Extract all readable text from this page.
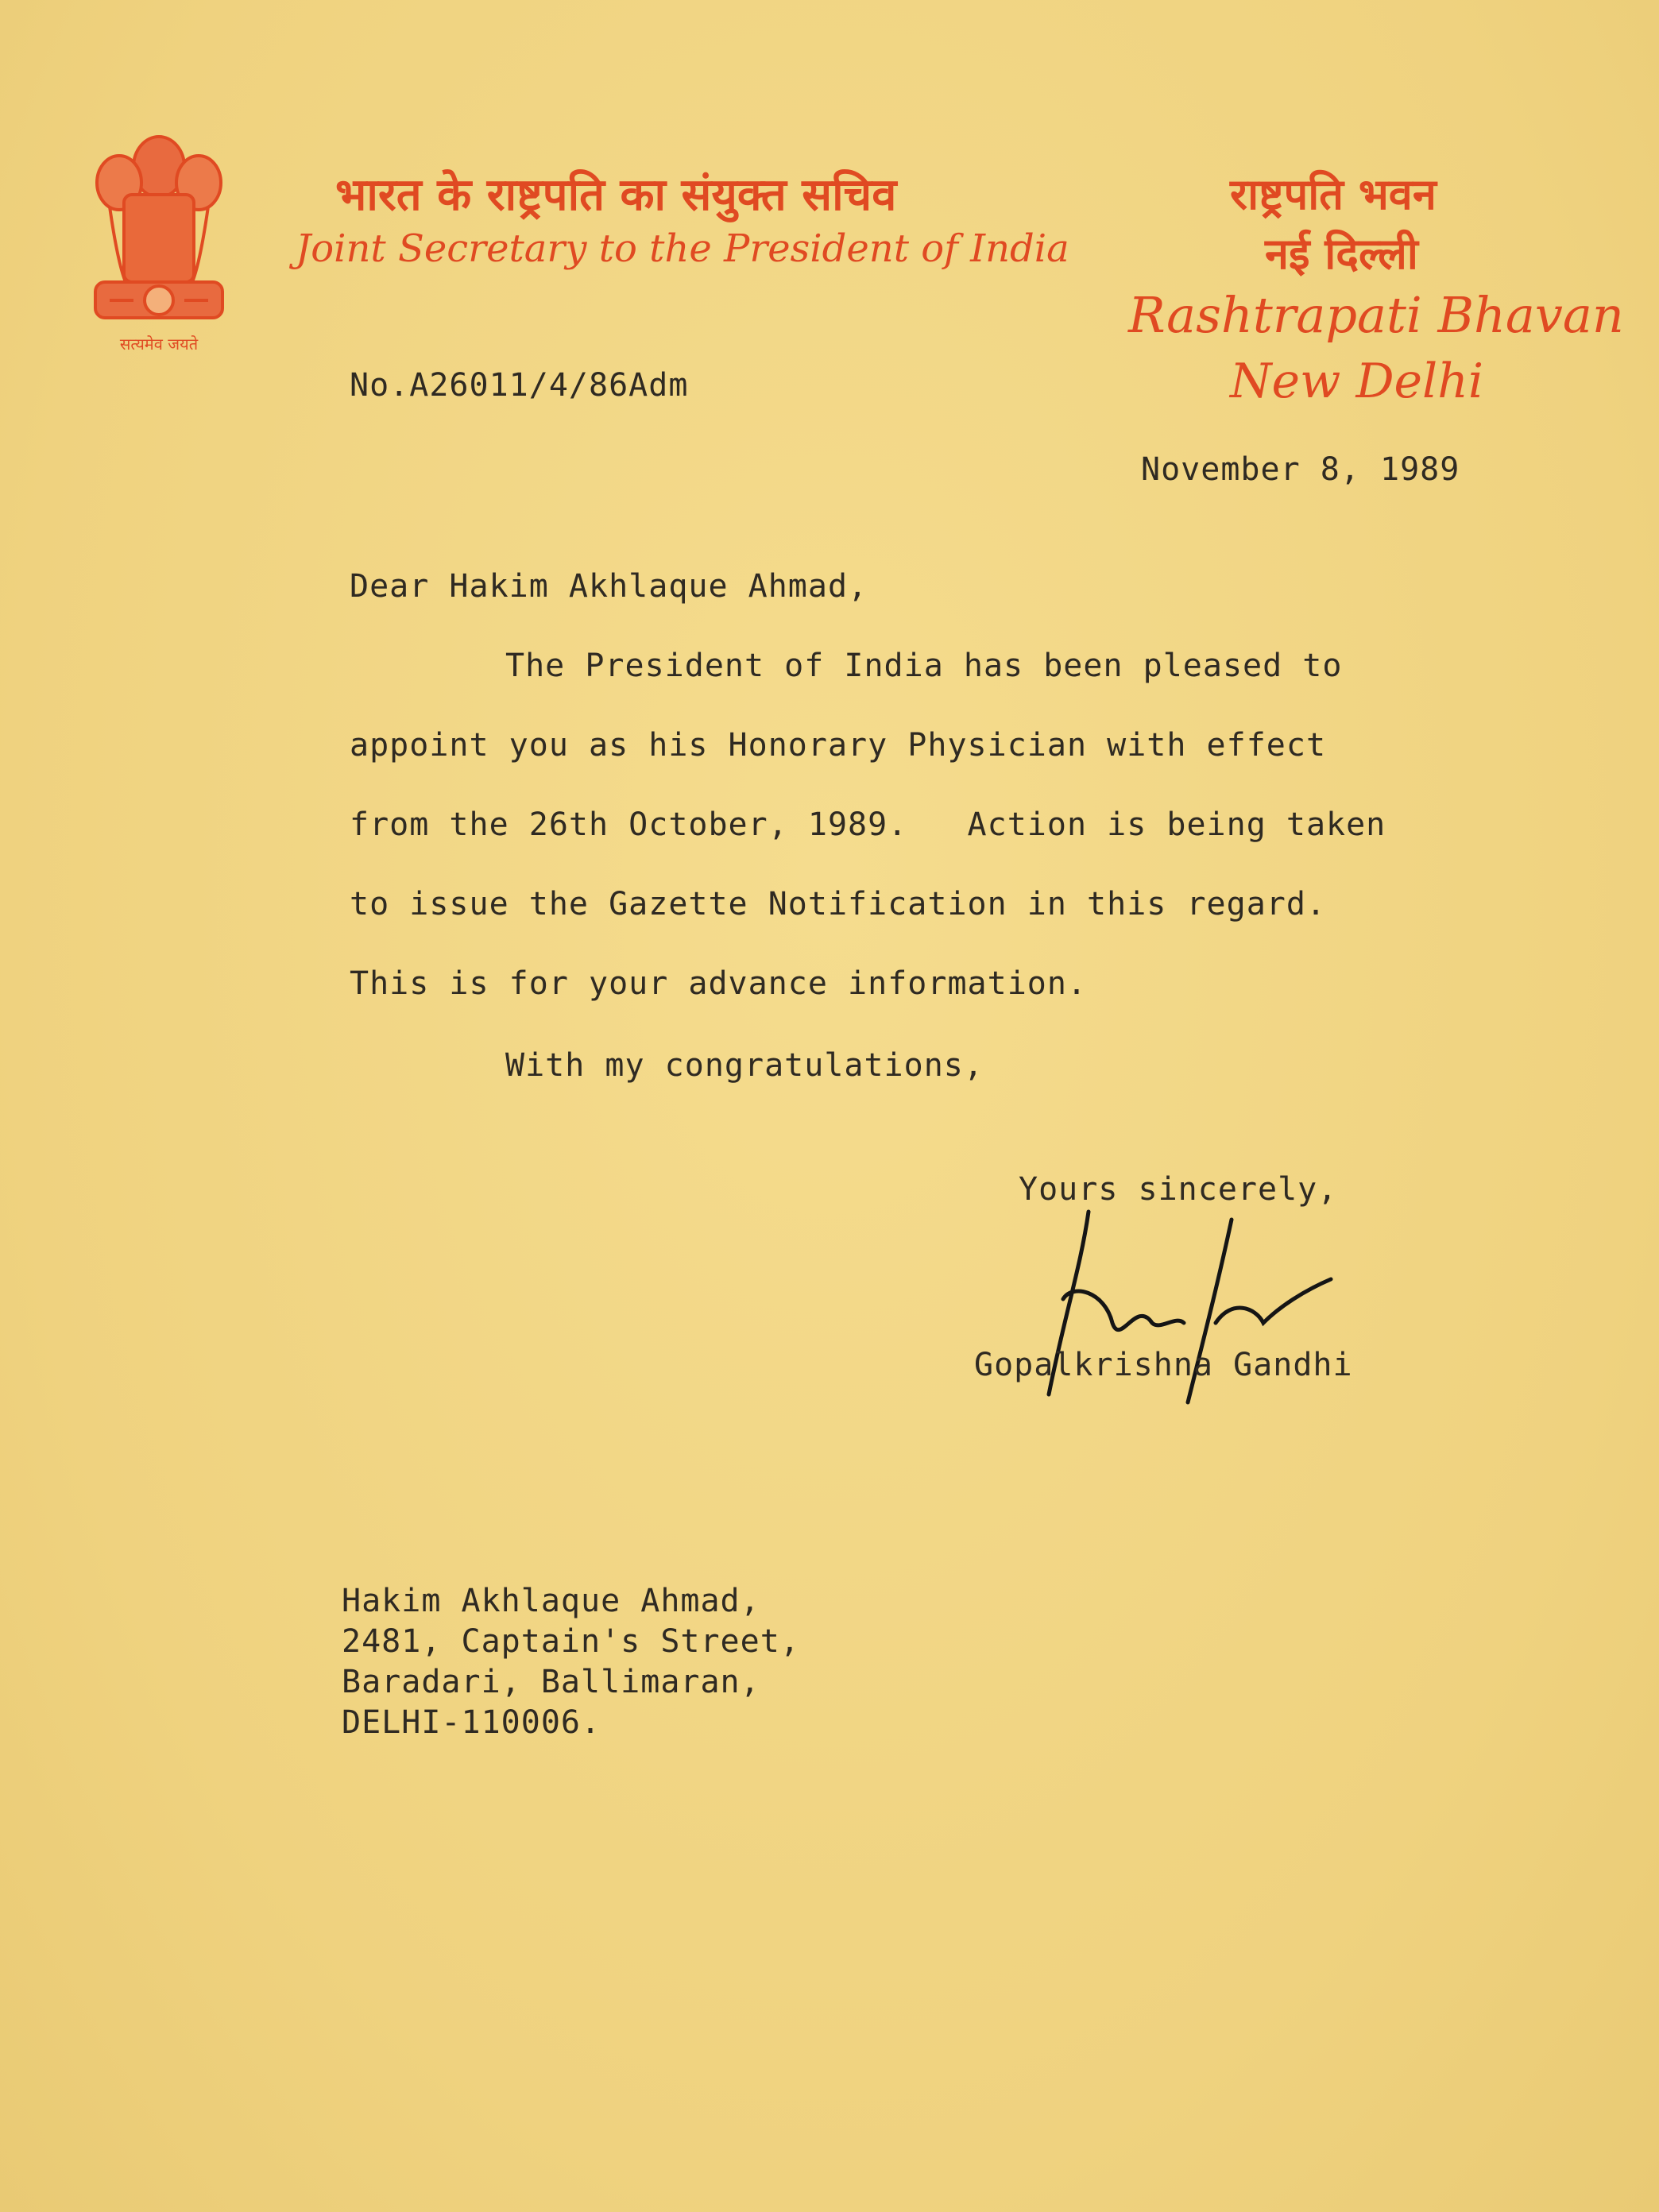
सत्यमेव जयते
भारत के राष्ट्रपति का संयुक्त सचिव
Joint Secretary to the President of India
राष्ट्रपति भवन
नई दिल्ली
Rashtrapati Bhavan
New Delhi
No.A26011/4/86Adm
November 8, 1989
Dear Hakim Akhlaque Ahmad,
The President of India has been pleased to
appoint you as his Honorary Physician with effect
from the 26th October, 1989.   Action is being taken
to issue the Gazette Notification in this regard.
This is for your advance information.
With my congratulations,
Yours sincerely,
Gopalkrishna Gandhi
Hakim Akhlaque Ahmad,
2481, Captain's Street,
Baradari, Ballimaran,
DELHI-110006.
